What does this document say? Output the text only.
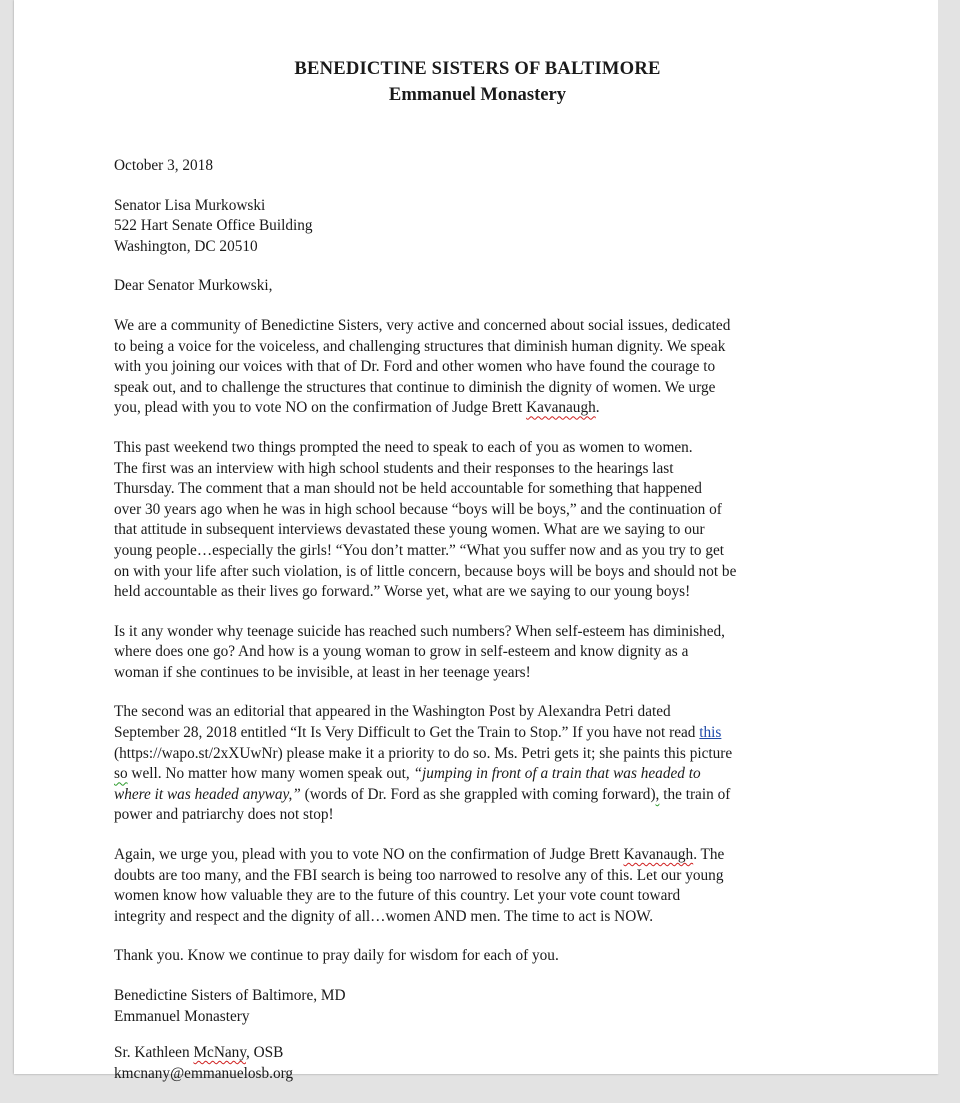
BENEDICTINE SISTERS OF BALTIMORE
Emmanuel Monastery
October 3, 2018
Senator Lisa Murkowski
522 Hart Senate Office Building
Washington, DC 20510
Dear Senator Murkowski,
We are a community of Benedictine Sisters, very active and concerned about social issues, dedicated
to being a voice for the voiceless, and challenging structures that diminish human dignity. We speak
with you joining our voices with that of Dr. Ford and other women who have found the courage to
speak out, and to challenge the structures that continue to diminish the dignity of women. We urge
you, plead with you to vote NO on the confirmation of Judge Brett Kavanaugh.
This past weekend two things prompted the need to speak to each of you as women to women.
The first was an interview with high school students and their responses to the hearings last
Thursday. The comment that a man should not be held accountable for something that happened
over 30 years ago when he was in high school because “boys will be boys,” and the continuation of
that attitude in subsequent interviews devastated these young women. What are we saying to our
young people…especially the girls! “You don’t matter.” “What you suffer now and as you try to get
on with your life after such violation, is of little concern, because boys will be boys and should not be
held accountable as their lives go forward.” Worse yet, what are we saying to our young boys!
Is it any wonder why teenage suicide has reached such numbers? When self-esteem has diminished,
where does one go? And how is a young woman to grow in self-esteem and know dignity as a
woman if she continues to be invisible, at least in her teenage years!
The second was an editorial that appeared in the Washington Post by Alexandra Petri dated
September 28, 2018 entitled “It Is Very Difficult to Get the Train to Stop.” If you have not read this
(https://wapo.st/2xXUwNr) please make it a priority to do so. Ms. Petri gets it; she paints this picture
so well. No matter how many women speak out, “jumping in front of a train that was headed to
where it was headed anyway,” (words of Dr. Ford as she grappled with coming forward), the train of
power and patriarchy does not stop!
Again, we urge you, plead with you to vote NO on the confirmation of Judge Brett Kavanaugh. The
doubts are too many, and the FBI search is being too narrowed to resolve any of this. Let our young
women know how valuable they are to the future of this country. Let your vote count toward
integrity and respect and the dignity of all…women AND men. The time to act is NOW.
Thank you. Know we continue to pray daily for wisdom for each of you.
Benedictine Sisters of Baltimore, MD
Emmanuel Monastery
Sr. Kathleen McNany, OSB
kmcnany@emmanuelosb.org
